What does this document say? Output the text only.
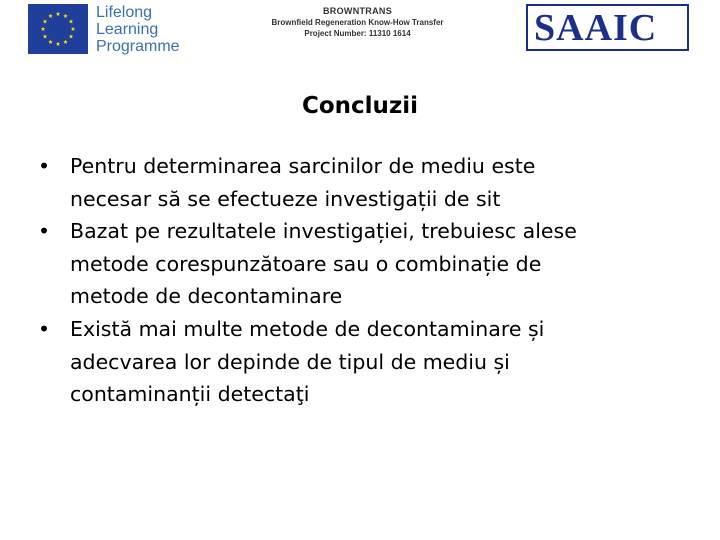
Lifelong
Learning
Programme
BROWNTRANS
Brownfield Regeneration Know-How Transfer
Project Number: 11310 1614	SAAIC
Concluzii
• Pentru determinarea sarcinilor de mediu este
necesar să se efectueze investigații de sit
• Bazat pe rezultatele investigației, trebuiesc alese
metode corespunzătoare sau o combinație de
metode de decontaminare
• Există mai multe metode de decontaminare și
adecvarea lor depinde de tipul de mediu și
contaminanții detectaţi
